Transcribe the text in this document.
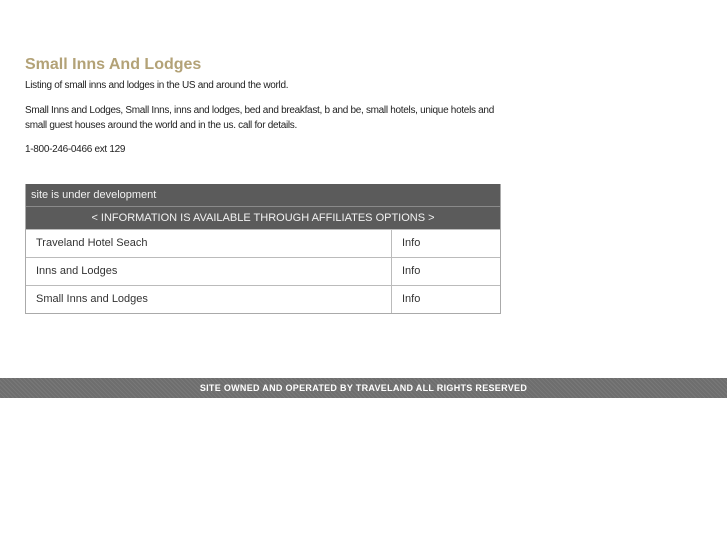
Small Inns And Lodges

Listing of small inns and lodges in the US and around the world.

Small Inns and Lodges, Small Inns, inns and lodges, bed and breakfast, b and be, small hotels, unique hotels and small guest houses around the world and in the us. call for details.

1-800-246-0466 ext 129

site is under development
< INFORMATION IS AVAILABLE THROUGH AFFILIATES OPTIONS >
Traveland Hotel Seach	Info
Inns and Lodges	Info
Small Inns and Lodges	Info
SITE OWNED AND OPERATED BY TRAVELAND ALL RIGHTS RESERVED
